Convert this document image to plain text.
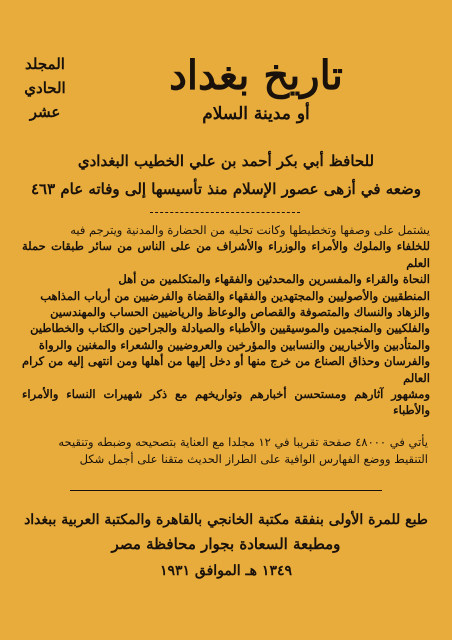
المجلد
الحادي
عشر
تاريخ بغداد
أو مدينة السلام
للحافظ أبي بكر أحمد بن علي الخطيب البغدادي
وضعه في أزهى عصور الإسلام منذ تأسيسها إلى وفاته عام ٤٦٣

يشتمل على وصفها وتخطيطها وكانت تحليه من الحضارة والمدنية ويترجم فيه

للخلفاء والملوك والأمراء والوزراء والأشراف من على الناس من سائر طبقات حملة العلم

النحاة والقراء والمفسرين والمحدثين والفقهاء والمتكلمين من أهل

المنطقيين والأصوليين والمجتهدين والفقهاء والقضاة والفرضيين من أرباب المذاهب

والزهاد والنساك والمتصوفة والقصاص والوعاظ والرياضيين الحساب والمهندسين

والفلكيين والمنجمين والموسيقيين والأطباء والصيادلة والجراحين والكتاب والخطاطين

والمتأدبين والأخباريين والنسابين والمؤرخين والعروضيين والشعراء والمغنين والرواة

والفرسان وحذاق الصناع من خرج منها أو دخل إليها من أهلها ومن انتهى إليه من كرام العالم

ومشهور آثارهم ومستحسن أخبارهم وتواريخهم مع ذكر شهيرات النساء والأمراء والأطباء

يأتي في ٤٨٠٠٠ صفحة تقريبا في ١٢ مجلدا مع العناية بتصحيحه وضبطه وتنقيحه

التنقيط ووضع الفهارس الوافية على الطراز الحديث متقنا على أجمل شكل

طبع للمرة الأولى بنفقة مكتبة الخانجي بالقاهرة والمكتبة العربية ببغداد
ومطبعة السعادة بجوار محافظة مصر
١٣٤٩ هـ الموافق ١٩٣١
